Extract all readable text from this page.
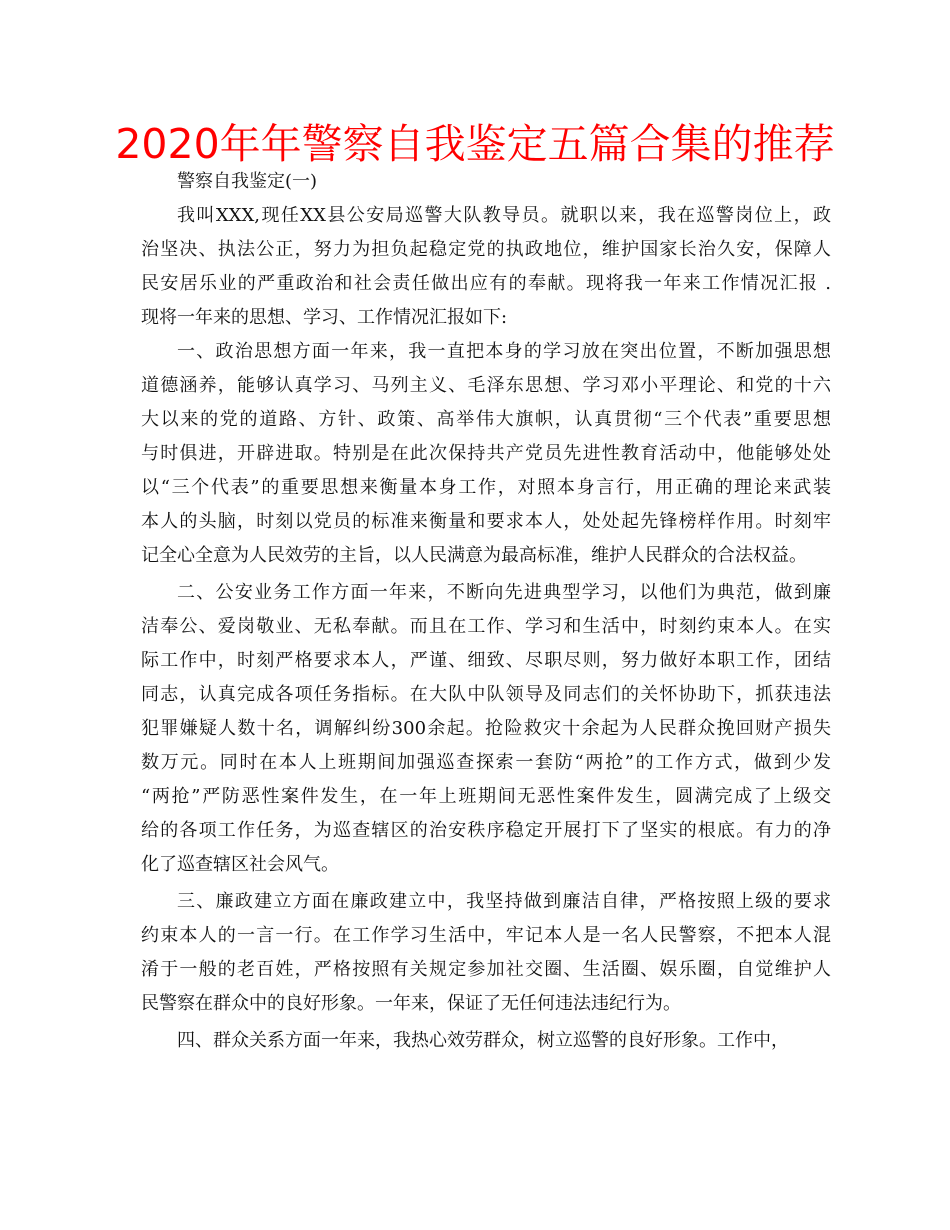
2020年年警察自我鉴定五篇合集的推荐
警察自我鉴定(一)
我叫XXX,现任XX县公安局巡警大队教导员。就职以来，我在巡警岗位上，政
治坚决、执法公正，努力为担负起稳定党的执政地位，维护国家长治久安，保障人
民安居乐业的严重政治和社会责任做出应有的奉献。现将我一年来工作情况汇报 .
现将一年来的思想、学习、工作情况汇报如下:
一、政治思想方面一年来，我一直把本身的学习放在突出位置，不断加强思想
道德涵养，能够认真学习、马列主义、毛泽东思想、学习邓小平理论、和党的十六
大以来的党的道路、方针、政策、高举伟大旗帜，认真贯彻“三个代表”重要思想
与时俱进，开辟进取。特别是在此次保持共产党员先进性教育活动中，他能够处处
以“三个代表”的重要思想来衡量本身工作，对照本身言行，用正确的理论来武装
本人的头脑，时刻以党员的标准来衡量和要求本人，处处起先锋榜样作用。时刻牢
记全心全意为人民效劳的主旨，以人民满意为最高标准，维护人民群众的合法权益。
二、公安业务工作方面一年来，不断向先进典型学习，以他们为典范，做到廉
洁奉公、爱岗敬业、无私奉献。而且在工作、学习和生活中，时刻约束本人。在实
际工作中，时刻严格要求本人，严谨、细致、尽职尽则，努力做好本职工作，团结
同志，认真完成各项任务指标。在大队中队领导及同志们的关怀协助下，抓获违法
犯罪嫌疑人数十名，调解纠纷300余起。抢险救灾十余起为人民群众挽回财产损失
数万元。同时在本人上班期间加强巡查探索一套防“两抢”的工作方式，做到少发
“两抢”严防恶性案件发生，在一年上班期间无恶性案件发生，圆满完成了上级交
给的各项工作任务，为巡查辖区的治安秩序稳定开展打下了坚实的根底。有力的净
化了巡查辖区社会风气。
三、廉政建立方面在廉政建立中，我坚持做到廉洁自律，严格按照上级的要求
约束本人的一言一行。在工作学习生活中，牢记本人是一名人民警察，不把本人混
淆于一般的老百姓，严格按照有关规定参加社交圈、生活圈、娱乐圈，自觉维护人
民警察在群众中的良好形象。一年来，保证了无任何违法违纪行为。
四、群众关系方面一年来，我热心效劳群众，树立巡警的良好形象。工作中，
